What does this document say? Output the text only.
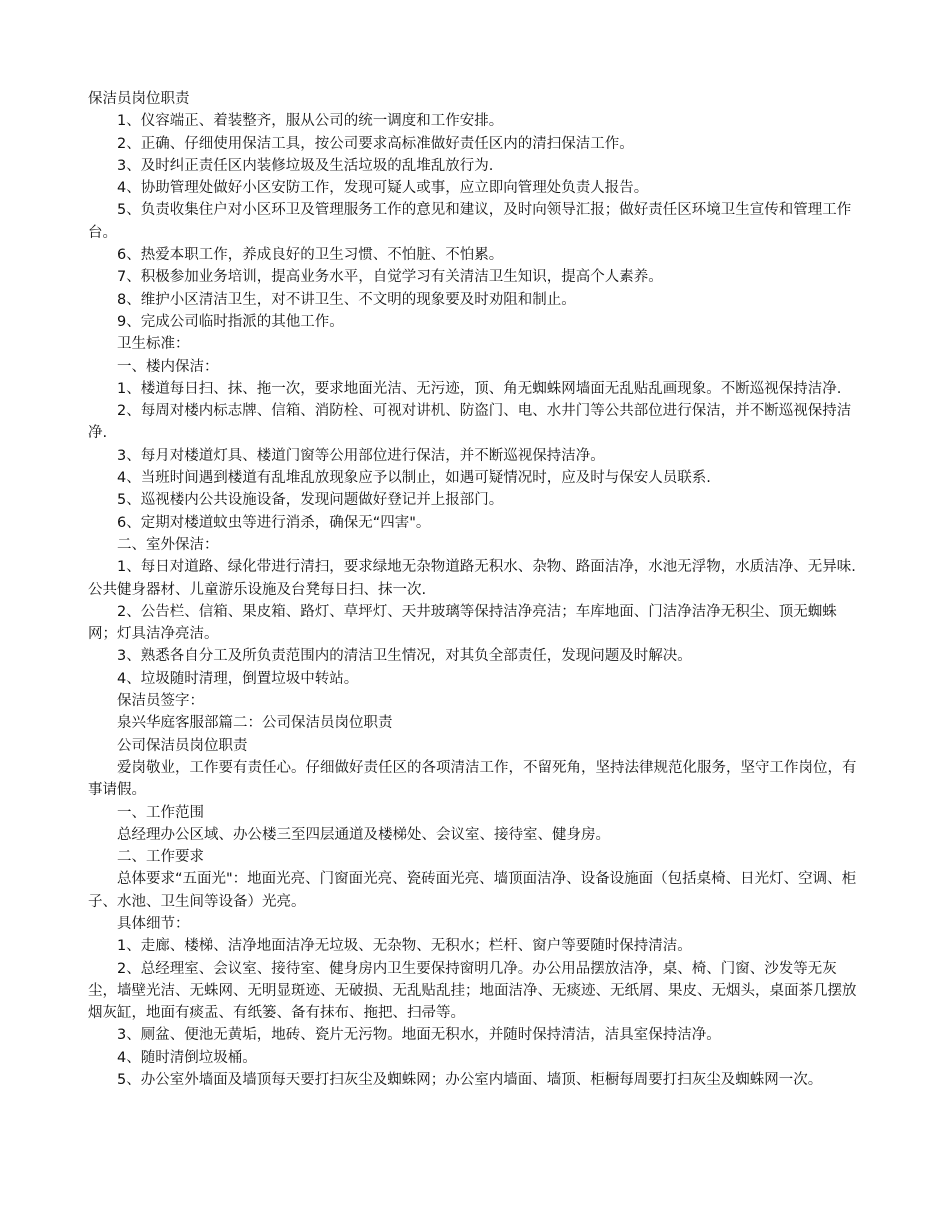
保洁员岗位职责

1、仪容端正、着装整齐，服从公司的统一调度和工作安排。

2、正确、仔细使用保洁工具，按公司要求高标准做好责任区内的清扫保洁工作。

3、及时纠正责任区内装修垃圾及生活垃圾的乱堆乱放行为.

4、协助管理处做好小区安防工作，发现可疑人或事，应立即向管理处负责人报告。

5、负责收集住户对小区环卫及管理服务工作的意见和建议，及时向领导汇报；做好责任区环境卫生宣传和管理工作台。

6、热爱本职工作，养成良好的卫生习惯、不怕脏、不怕累。

7、积极参加业务培训，提高业务水平，自觉学习有关清洁卫生知识，提高个人素养。

8、维护小区清洁卫生，对不讲卫生、不文明的现象要及时劝阻和制止。

9、完成公司临时指派的其他工作。

卫生标准：

一、楼内保洁：

1、楼道每日扫、抹、拖一次，要求地面光洁、无污迹，顶、角无蜘蛛网墙面无乱贴乱画现象。不断巡视保持洁净.

2、每周对楼内标志牌、信箱、消防栓、可视对讲机、防盗门、电、水井门等公共部位进行保洁，并不断巡视保持洁净.

3、每月对楼道灯具、楼道门窗等公用部位进行保洁，并不断巡视保持洁净。

4、当班时间遇到楼道有乱堆乱放现象应予以制止，如遇可疑情况时，应及时与保安人员联系.

5、巡视楼内公共设施设备，发现问题做好登记并上报部门。

6、定期对楼道蚊虫等进行消杀，确保无“四害"。

二、室外保洁：

1、每日对道路、绿化带进行清扫，要求绿地无杂物道路无积水、杂物、路面洁净，水池无浮物，水质洁净、无异味.公共健身器材、儿童游乐设施及台凳每日扫、抹一次.

2、公告栏、信箱、果皮箱、路灯、草坪灯、天井玻璃等保持洁净亮洁；车库地面、门洁净洁净无积尘、顶无蜘蛛网；灯具洁净亮洁。

3、熟悉各自分工及所负责范围内的清洁卫生情况，对其负全部责任，发现问题及时解决。

4、垃圾随时清理，倒置垃圾中转站。

保洁员签字：

泉兴华庭客服部篇二：公司保洁员岗位职责

公司保洁员岗位职责

爱岗敬业，工作要有责任心。仔细做好责任区的各项清洁工作，不留死角，坚持法律规范化服务，坚守工作岗位，有事请假。

一、工作范围

总经理办公区域、办公楼三至四层通道及楼梯处、会议室、接待室、健身房。

二、工作要求

总体要求“五面光"：地面光亮、门窗面光亮、瓷砖面光亮、墙顶面洁净、设备设施面（包括桌椅、日光灯、空调、柜子、水池、卫生间等设备）光亮。

具体细节：

1、走廊、楼梯、洁净地面洁净无垃圾、无杂物、无积水；栏杆、窗户等要随时保持清洁。

2、总经理室、会议室、接待室、健身房内卫生要保持窗明几净。办公用品摆放洁净，桌、椅、门窗、沙发等无灰尘，墙壁光洁、无蛛网、无明显斑迹、无破损、无乱贴乱挂；地面洁净、无痰迹、无纸屑、果皮、无烟头，桌面茶几摆放烟灰缸，地面有痰盂、有纸篓、备有抹布、拖把、扫帚等。

3、厕盆、便池无黄垢，地砖、瓷片无污物。地面无积水，并随时保持清洁，洁具室保持洁净。

4、随时清倒垃圾桶。

5、办公室外墙面及墙顶每天要打扫灰尘及蜘蛛网；办公室内墙面、墙顶、柜橱每周要打扫灰尘及蜘蛛网一次。
